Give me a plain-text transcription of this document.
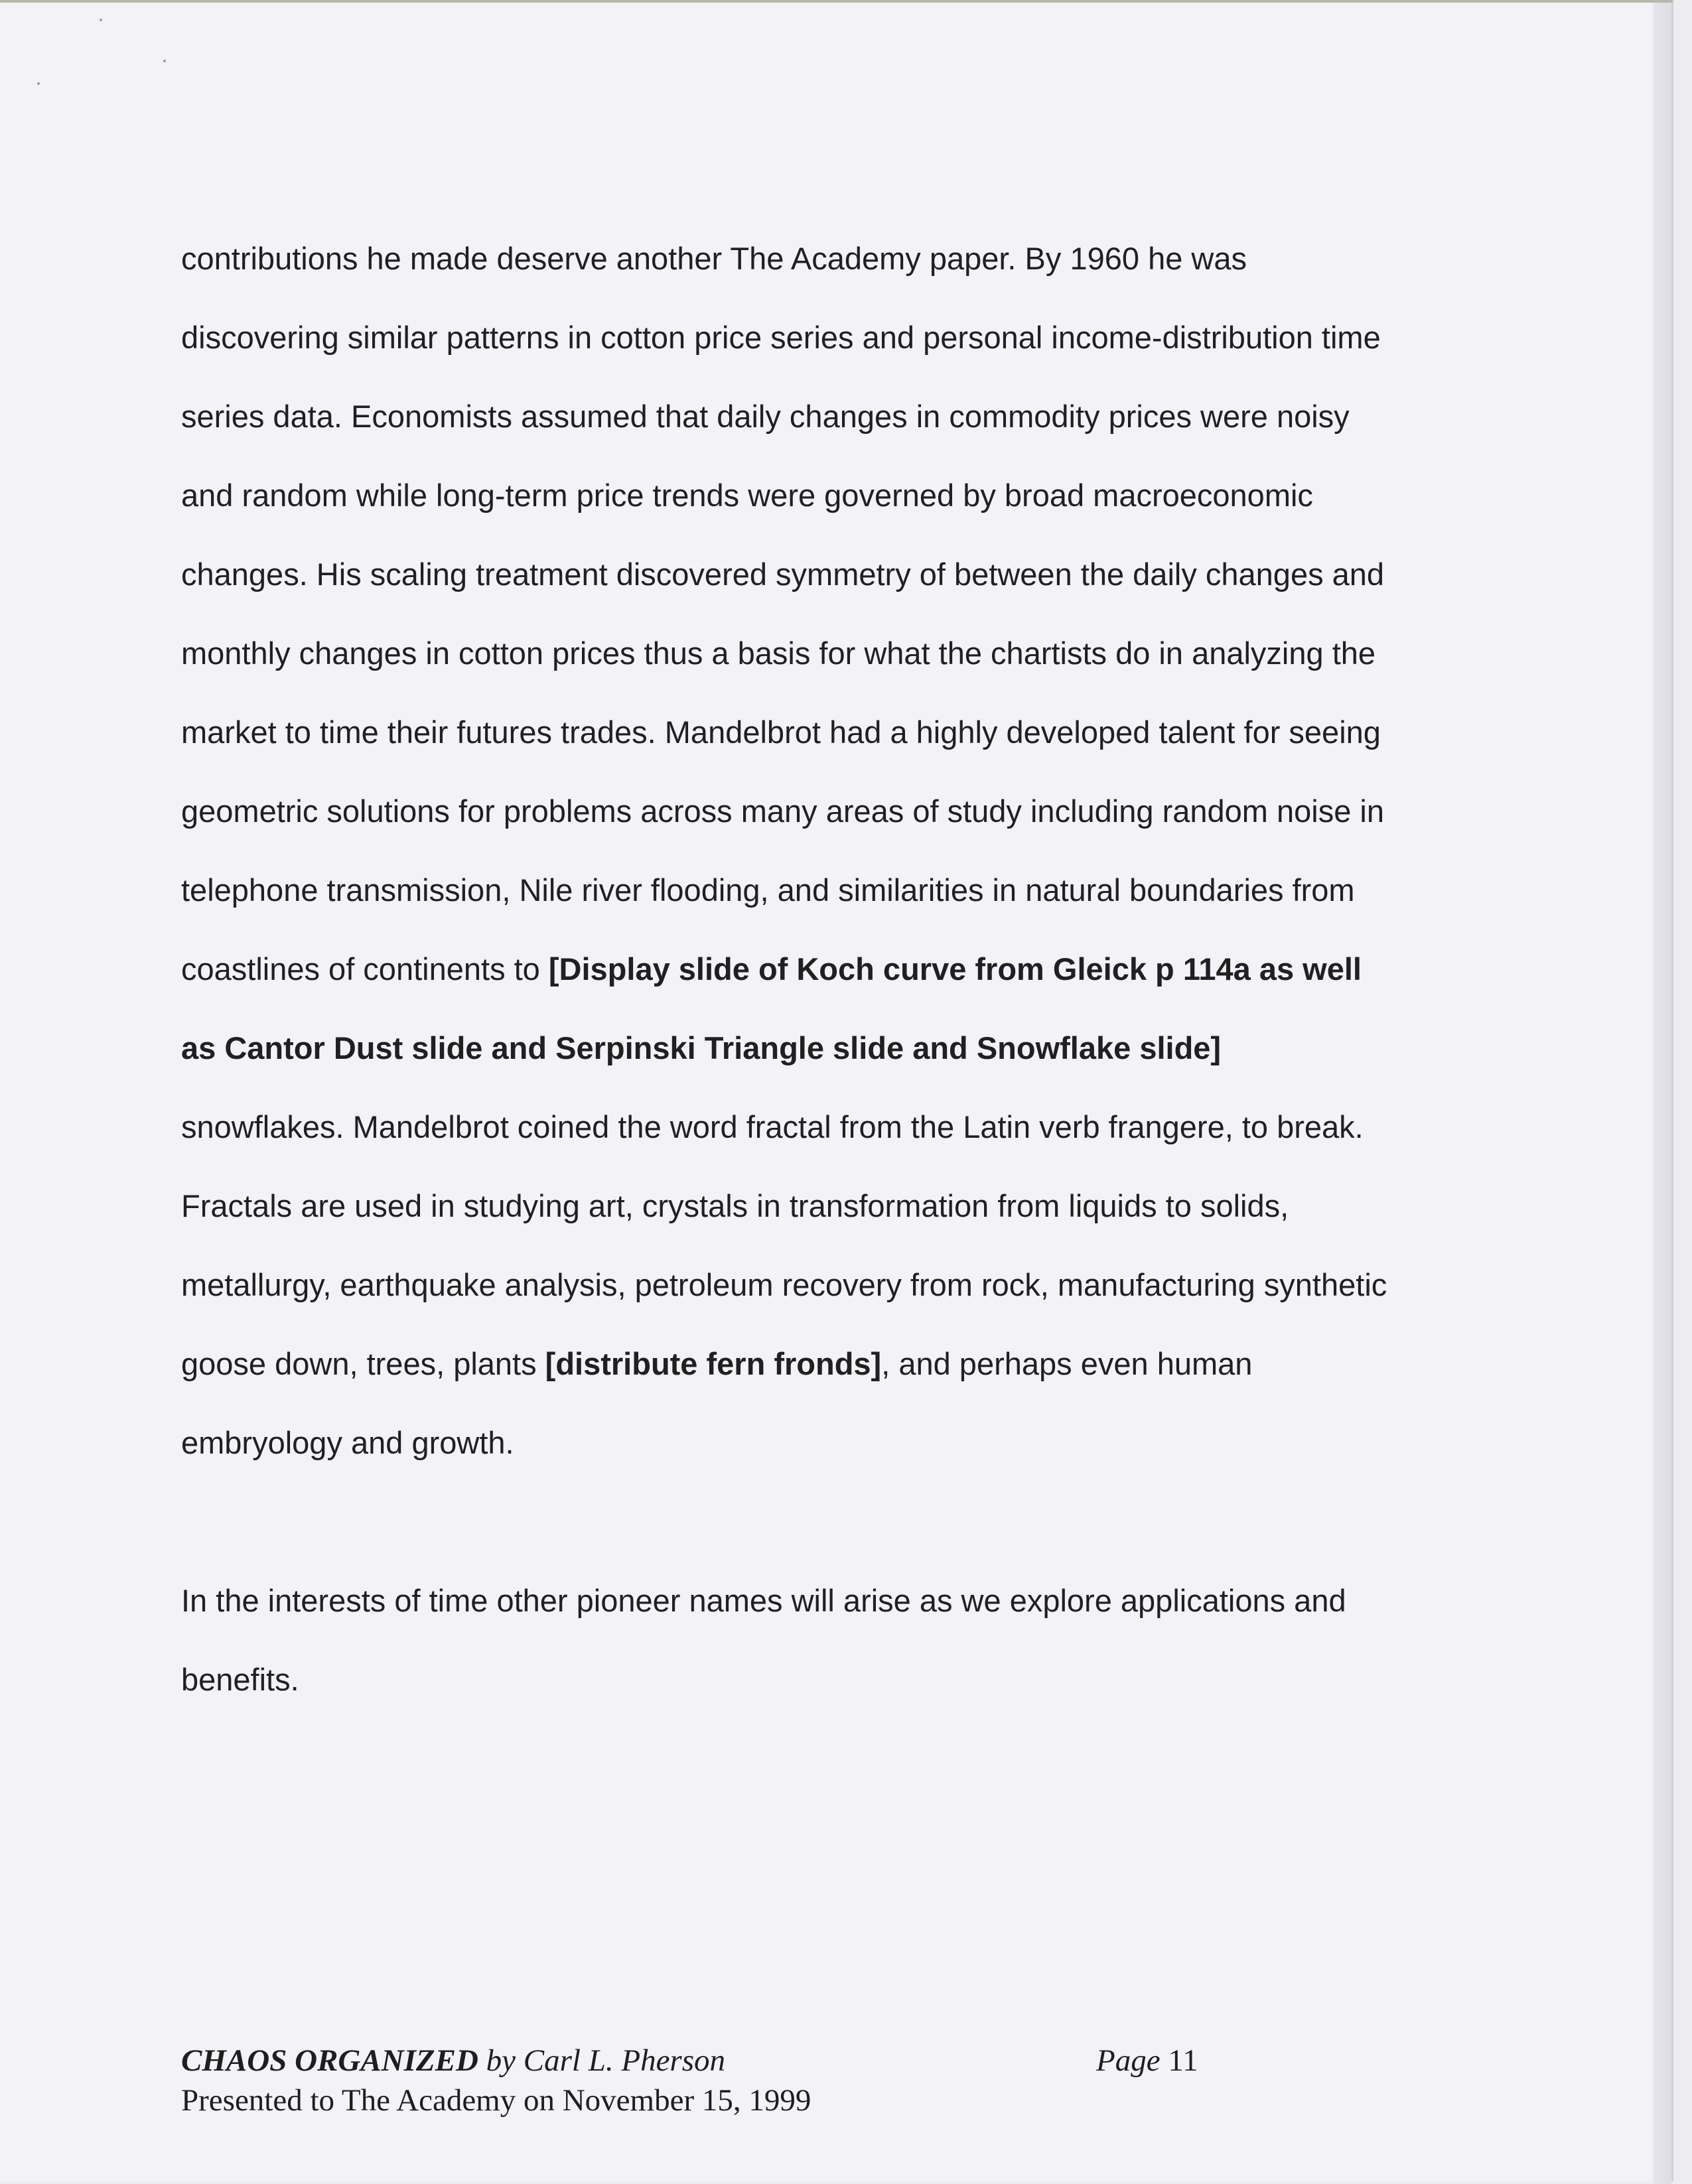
contributions he made deserve another The Academy paper. By 1960 he was

discovering similar patterns in cotton price series and personal income-distribution time

series data. Economists assumed that daily changes in commodity prices were noisy

and random while long-term price trends were governed by broad macroeconomic

changes. His scaling treatment discovered symmetry of between the daily changes and

monthly changes in cotton prices thus a basis for what the chartists do in analyzing the

market to time their futures trades. Mandelbrot had a highly developed talent for seeing

geometric solutions for problems across many areas of study including random noise in

telephone transmission, Nile river flooding, and similarities in natural boundaries from

coastlines of continents to [Display slide of Koch curve from Gleick p 114a as well

as Cantor Dust slide and Serpinski Triangle slide and Snowflake slide]

snowflakes. Mandelbrot coined the word fractal from the Latin verb frangere, to break.

Fractals are used in studying art, crystals in transformation from liquids to solids,

metallurgy, earthquake analysis, petroleum recovery from rock, manufacturing synthetic

goose down, trees, plants [distribute fern fronds], and perhaps even human

embryology and growth.

In the interests of time other pioneer names will arise as we explore applications and

benefits.

CHAOS ORGANIZED by Carl L. Pherson
Presented to The Academy on November 15, 1999
Page 11
